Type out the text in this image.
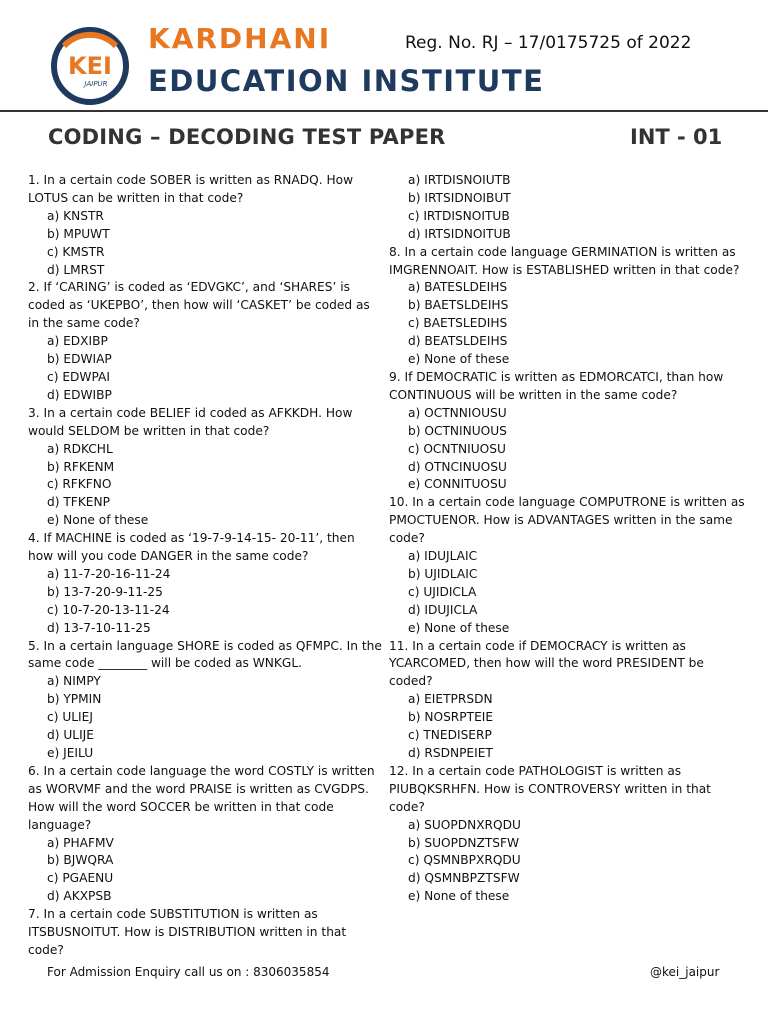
KEI
JAIPUR
KARDHANI
EDUCATION INSTITUTE
Reg. No. RJ – 17/0175725 of 2022
CODING – DECODING TEST PAPER	INT - 01
1. In a certain code SOBER is written as RNADQ. How LOTUS can be written in that code?
a) KNSTR
b) MPUWT
c) KMSTR
d) LMRST
2. If ‘CARING’ is coded as ‘EDVGKC’, and ‘SHARES’ is coded as ‘UKEPBO’, then how will ‘CASKET’ be coded as in the same code?
a) EDXIBP
b) EDWIAP
c) EDWPAI
d) EDWIBP
3. In a certain code BELIEF id coded as AFKKDH. How would SELDOM be written in that code?
a) RDKCHL
b) RFKENM
c) RFKFNO
d) TFKENP
e) None of these
4. If MACHINE is coded as ‘19-7-9-14-15- 20-11’, then how will you code DANGER in the same code?
a) 11-7-20-16-11-24
b) 13-7-20-9-11-25
c) 10-7-20-13-11-24
d) 13-7-10-11-25
5. In a certain language SHORE is coded as QFMPC. In the same code ________ will be coded as WNKGL.
a) NIMPY
b) YPMIN
c) ULIEJ
d) ULIJE
e) JEILU
6. In a certain code language the word COSTLY is written as WORVMF and the word PRAISE is written as CVGDPS. How will the word SOCCER be written in that code language?
a) PHAFMV
b) BJWQRA
c) PGAENU
d) AKXPSB
7. In a certain code SUBSTITUTION is written as ITSBUSNOITUT. How is DISTRIBUTION written in that code?
a) IRTDISNOIUTB
b) IRTSIDNOIBUT
c) IRTDISNOITUB
d) IRTSIDNOITUB
8. In a certain code language GERMINATION is written as IMGRENNOAIT. How is ESTABLISHED written in that code?
a) BATESLDEIHS
b) BAETSLDEIHS
c) BAETSLEDIHS
d) BEATSLDEIHS
e) None of these
9. If DEMOCRATIC is written as EDMORCATCI, than how CONTINUOUS will be written in the same code?
a) OCTNNIOUSU
b) OCTNINUOUS
c) OCNTNIUOSU
d) OTNCINUOSU
e) CONNITUOSU
10. In a certain code language COMPUTRONE is written as PMOCTUENOR. How is ADVANTAGES written in the same code?
a) IDUJLAIC
b) UJIDLAIC
c) UJIDICLA
d) IDUJICLA
e) None of these
11. In a certain code if DEMOCRACY is written as YCARCOMED, then how will the word PRESIDENT be coded?
a) EIETPRSDN
b) NOSRPTEIE
c) TNEDISERP
d) RSDNPEIET
12. In a certain code PATHOLOGIST is written as PIUBQKSRHFN. How is CONTROVERSY written in that code?
a) SUOPDNXRQDU
b) SUOPDNZTSFW
c) QSMNBPXRQDU
d) QSMNBPZTSFW
e) None of these
For Admission Enquiry call us on : 8306035854	@kei_jaipur
